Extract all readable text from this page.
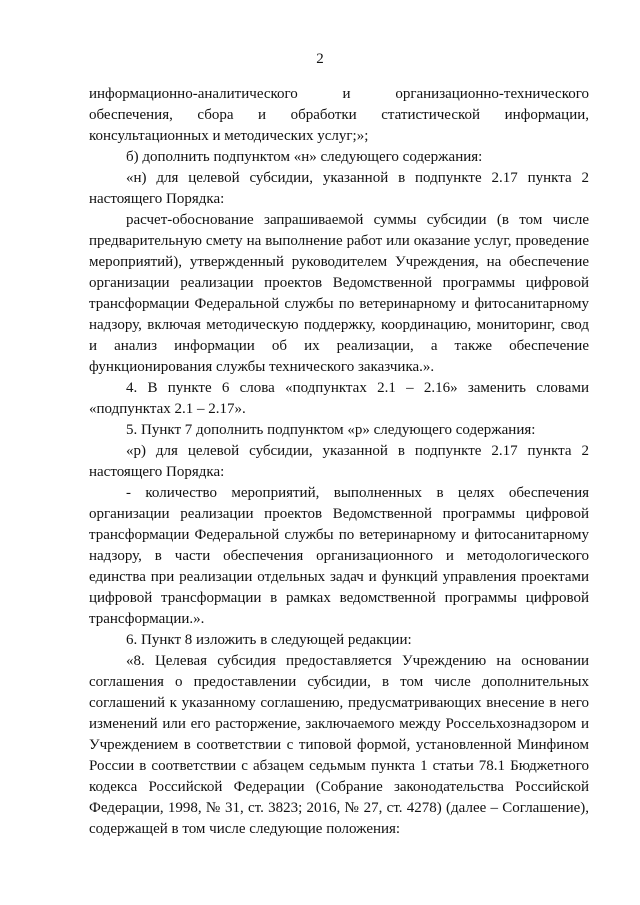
2

информационно-аналитического и организационно-технического обеспечения, сбора и обработки статистической информации, консультационных и методических услуг;»;

б) дополнить подпунктом «н» следующего содержания:

«н) для целевой субсидии, указанной в подпункте 2.17 пункта 2 настоящего Порядка:

расчет-обоснование запрашиваемой суммы субсидии (в том числе предварительную смету на выполнение работ или оказание услуг, проведение мероприятий), утвержденный руководителем Учреждения, на обеспечение организации реализации проектов Ведомственной программы цифровой трансформации Федеральной службы по ветеринарному и фитосанитарному надзору, включая методическую поддержку, координацию, мониторинг, свод и анализ информации об их реализации, а также обеспечение функционирования службы технического заказчика.».

4. В пункте 6 слова «подпунктах 2.1 – 2.16» заменить словами «подпунктах 2.1 – 2.17».

5. Пункт 7 дополнить подпунктом «р» следующего содержания:

«р) для целевой субсидии, указанной в подпункте 2.17 пункта 2 настоящего Порядка:

- количество мероприятий, выполненных в целях обеспечения организации реализации проектов Ведомственной программы цифровой трансформации Федеральной службы по ветеринарному и фитосанитарному надзору, в части обеспечения организационного и методологического единства при реализации отдельных задач и функций управления проектами цифровой трансформации в рамках ведомственной программы цифровой трансформации.».

6. Пункт 8 изложить в следующей редакции:

«8. Целевая субсидия предоставляется Учреждению на основании соглашения о предоставлении субсидии, в том числе дополнительных соглашений к указанному соглашению, предусматривающих внесение в него изменений или его расторжение, заключаемого между Россельхознадзором и Учреждением в соответствии с типовой формой, установленной Минфином России в соответствии с абзацем седьмым пункта 1 статьи 78.1 Бюджетного кодекса Российской Федерации (Собрание законодательства Российской Федерации, 1998, № 31, ст. 3823; 2016, № 27, ст. 4278) (далее – Соглашение), содержащей в том числе следующие положения:
